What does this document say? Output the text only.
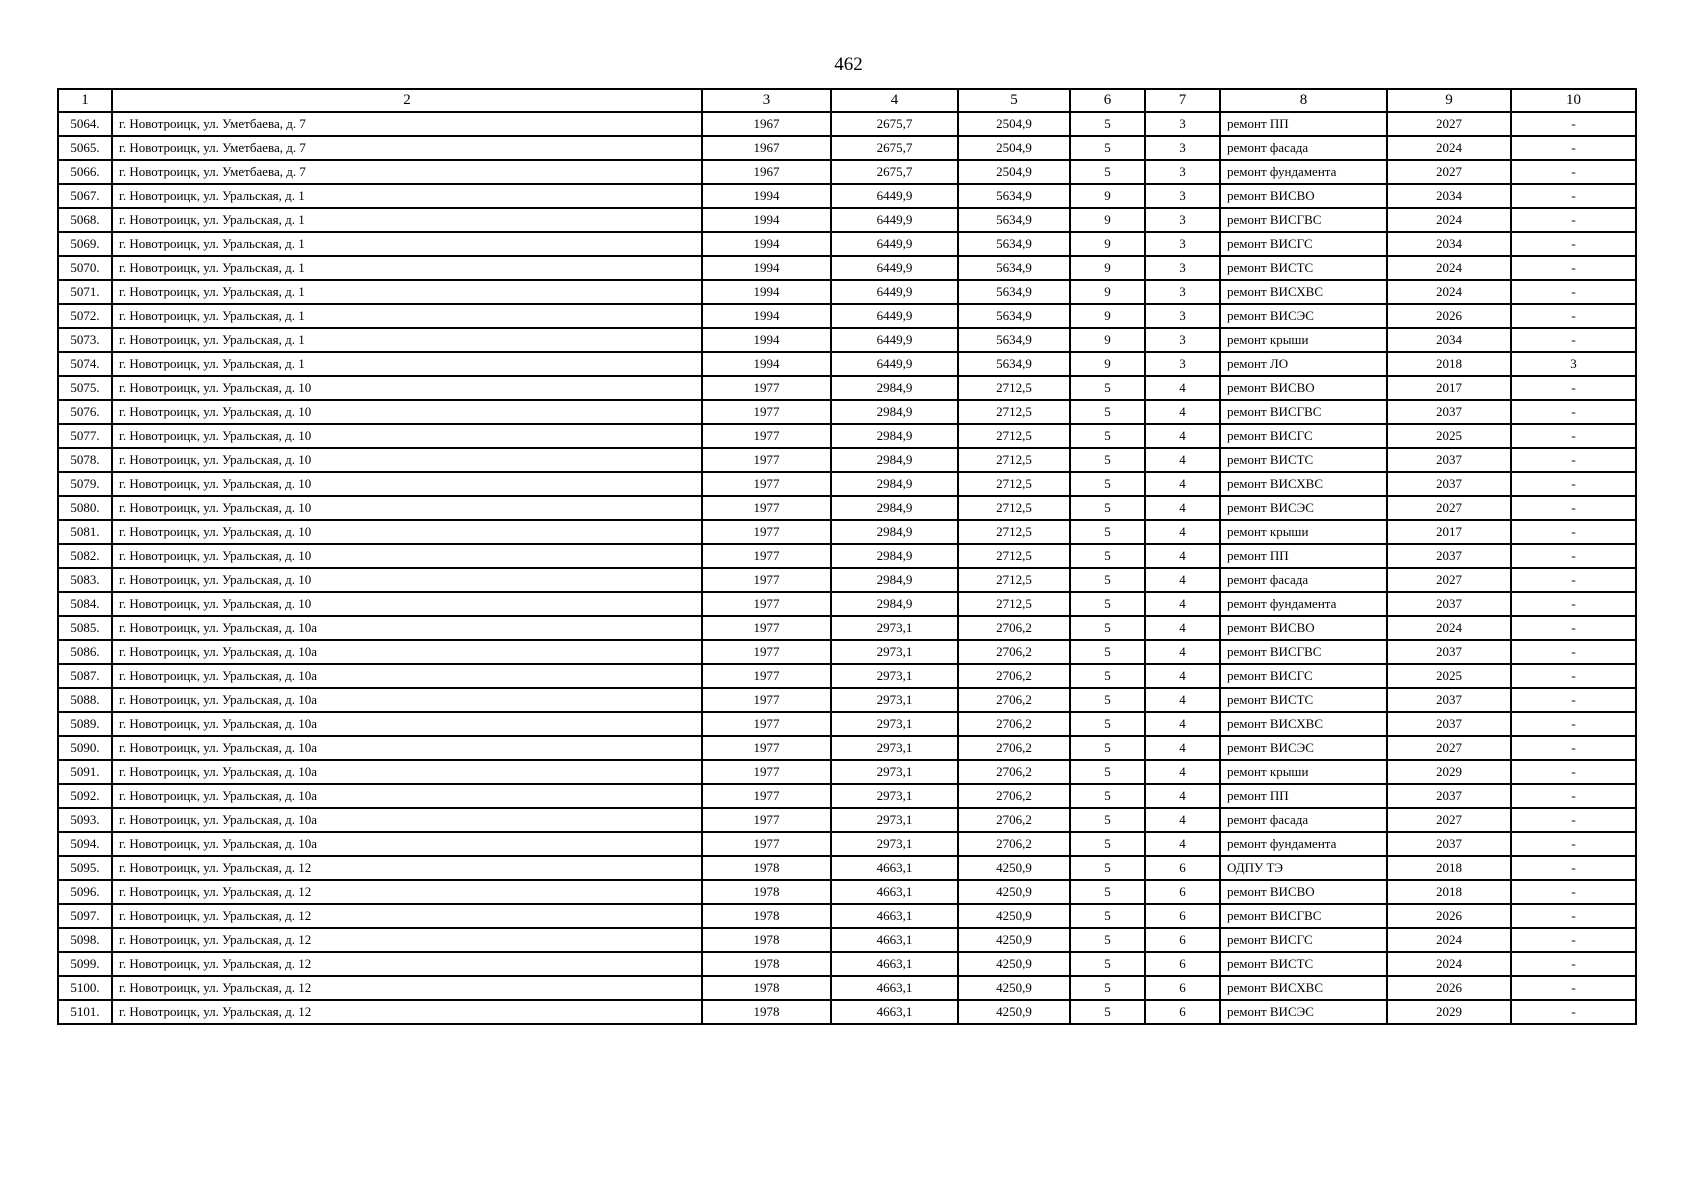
462
1	2	3	4	5	6	7	8	9	10
5064.	г. Новотроицк, ул. Уметбаева, д. 7	1967	2675,7	2504,9	5	3	ремонт ПП	2027	-
5065.	г. Новотроицк, ул. Уметбаева, д. 7	1967	2675,7	2504,9	5	3	ремонт фасада	2024	-
5066.	г. Новотроицк, ул. Уметбаева, д. 7	1967	2675,7	2504,9	5	3	ремонт фундамента	2027	-
5067.	г. Новотроицк, ул. Уральская, д. 1	1994	6449,9	5634,9	9	3	ремонт ВИСВО	2034	-
5068.	г. Новотроицк, ул. Уральская, д. 1	1994	6449,9	5634,9	9	3	ремонт ВИСГВС	2024	-
5069.	г. Новотроицк, ул. Уральская, д. 1	1994	6449,9	5634,9	9	3	ремонт ВИСГС	2034	-
5070.	г. Новотроицк, ул. Уральская, д. 1	1994	6449,9	5634,9	9	3	ремонт ВИСТС	2024	-
5071.	г. Новотроицк, ул. Уральская, д. 1	1994	6449,9	5634,9	9	3	ремонт ВИСХВС	2024	-
5072.	г. Новотроицк, ул. Уральская, д. 1	1994	6449,9	5634,9	9	3	ремонт ВИСЭС	2026	-
5073.	г. Новотроицк, ул. Уральская, д. 1	1994	6449,9	5634,9	9	3	ремонт крыши	2034	-
5074.	г. Новотроицк, ул. Уральская, д. 1	1994	6449,9	5634,9	9	3	ремонт ЛО	2018	3
5075.	г. Новотроицк, ул. Уральская, д. 10	1977	2984,9	2712,5	5	4	ремонт ВИСВО	2017	-
5076.	г. Новотроицк, ул. Уральская, д. 10	1977	2984,9	2712,5	5	4	ремонт ВИСГВС	2037	-
5077.	г. Новотроицк, ул. Уральская, д. 10	1977	2984,9	2712,5	5	4	ремонт ВИСГС	2025	-
5078.	г. Новотроицк, ул. Уральская, д. 10	1977	2984,9	2712,5	5	4	ремонт ВИСТС	2037	-
5079.	г. Новотроицк, ул. Уральская, д. 10	1977	2984,9	2712,5	5	4	ремонт ВИСХВС	2037	-
5080.	г. Новотроицк, ул. Уральская, д. 10	1977	2984,9	2712,5	5	4	ремонт ВИСЭС	2027	-
5081.	г. Новотроицк, ул. Уральская, д. 10	1977	2984,9	2712,5	5	4	ремонт крыши	2017	-
5082.	г. Новотроицк, ул. Уральская, д. 10	1977	2984,9	2712,5	5	4	ремонт ПП	2037	-
5083.	г. Новотроицк, ул. Уральская, д. 10	1977	2984,9	2712,5	5	4	ремонт фасада	2027	-
5084.	г. Новотроицк, ул. Уральская, д. 10	1977	2984,9	2712,5	5	4	ремонт фундамента	2037	-
5085.	г. Новотроицк, ул. Уральская, д. 10а	1977	2973,1	2706,2	5	4	ремонт ВИСВО	2024	-
5086.	г. Новотроицк, ул. Уральская, д. 10а	1977	2973,1	2706,2	5	4	ремонт ВИСГВС	2037	-
5087.	г. Новотроицк, ул. Уральская, д. 10а	1977	2973,1	2706,2	5	4	ремонт ВИСГС	2025	-
5088.	г. Новотроицк, ул. Уральская, д. 10а	1977	2973,1	2706,2	5	4	ремонт ВИСТС	2037	-
5089.	г. Новотроицк, ул. Уральская, д. 10а	1977	2973,1	2706,2	5	4	ремонт ВИСХВС	2037	-
5090.	г. Новотроицк, ул. Уральская, д. 10а	1977	2973,1	2706,2	5	4	ремонт ВИСЭС	2027	-
5091.	г. Новотроицк, ул. Уральская, д. 10а	1977	2973,1	2706,2	5	4	ремонт крыши	2029	-
5092.	г. Новотроицк, ул. Уральская, д. 10а	1977	2973,1	2706,2	5	4	ремонт ПП	2037	-
5093.	г. Новотроицк, ул. Уральская, д. 10а	1977	2973,1	2706,2	5	4	ремонт фасада	2027	-
5094.	г. Новотроицк, ул. Уральская, д. 10а	1977	2973,1	2706,2	5	4	ремонт фундамента	2037	-
5095.	г. Новотроицк, ул. Уральская, д. 12	1978	4663,1	4250,9	5	6	ОДПУ ТЭ	2018	-
5096.	г. Новотроицк, ул. Уральская, д. 12	1978	4663,1	4250,9	5	6	ремонт ВИСВО	2018	-
5097.	г. Новотроицк, ул. Уральская, д. 12	1978	4663,1	4250,9	5	6	ремонт ВИСГВС	2026	-
5098.	г. Новотроицк, ул. Уральская, д. 12	1978	4663,1	4250,9	5	6	ремонт ВИСГС	2024	-
5099.	г. Новотроицк, ул. Уральская, д. 12	1978	4663,1	4250,9	5	6	ремонт ВИСТС	2024	-
5100.	г. Новотроицк, ул. Уральская, д. 12	1978	4663,1	4250,9	5	6	ремонт ВИСХВС	2026	-
5101.	г. Новотроицк, ул. Уральская, д. 12	1978	4663,1	4250,9	5	6	ремонт ВИСЭС	2029	-
